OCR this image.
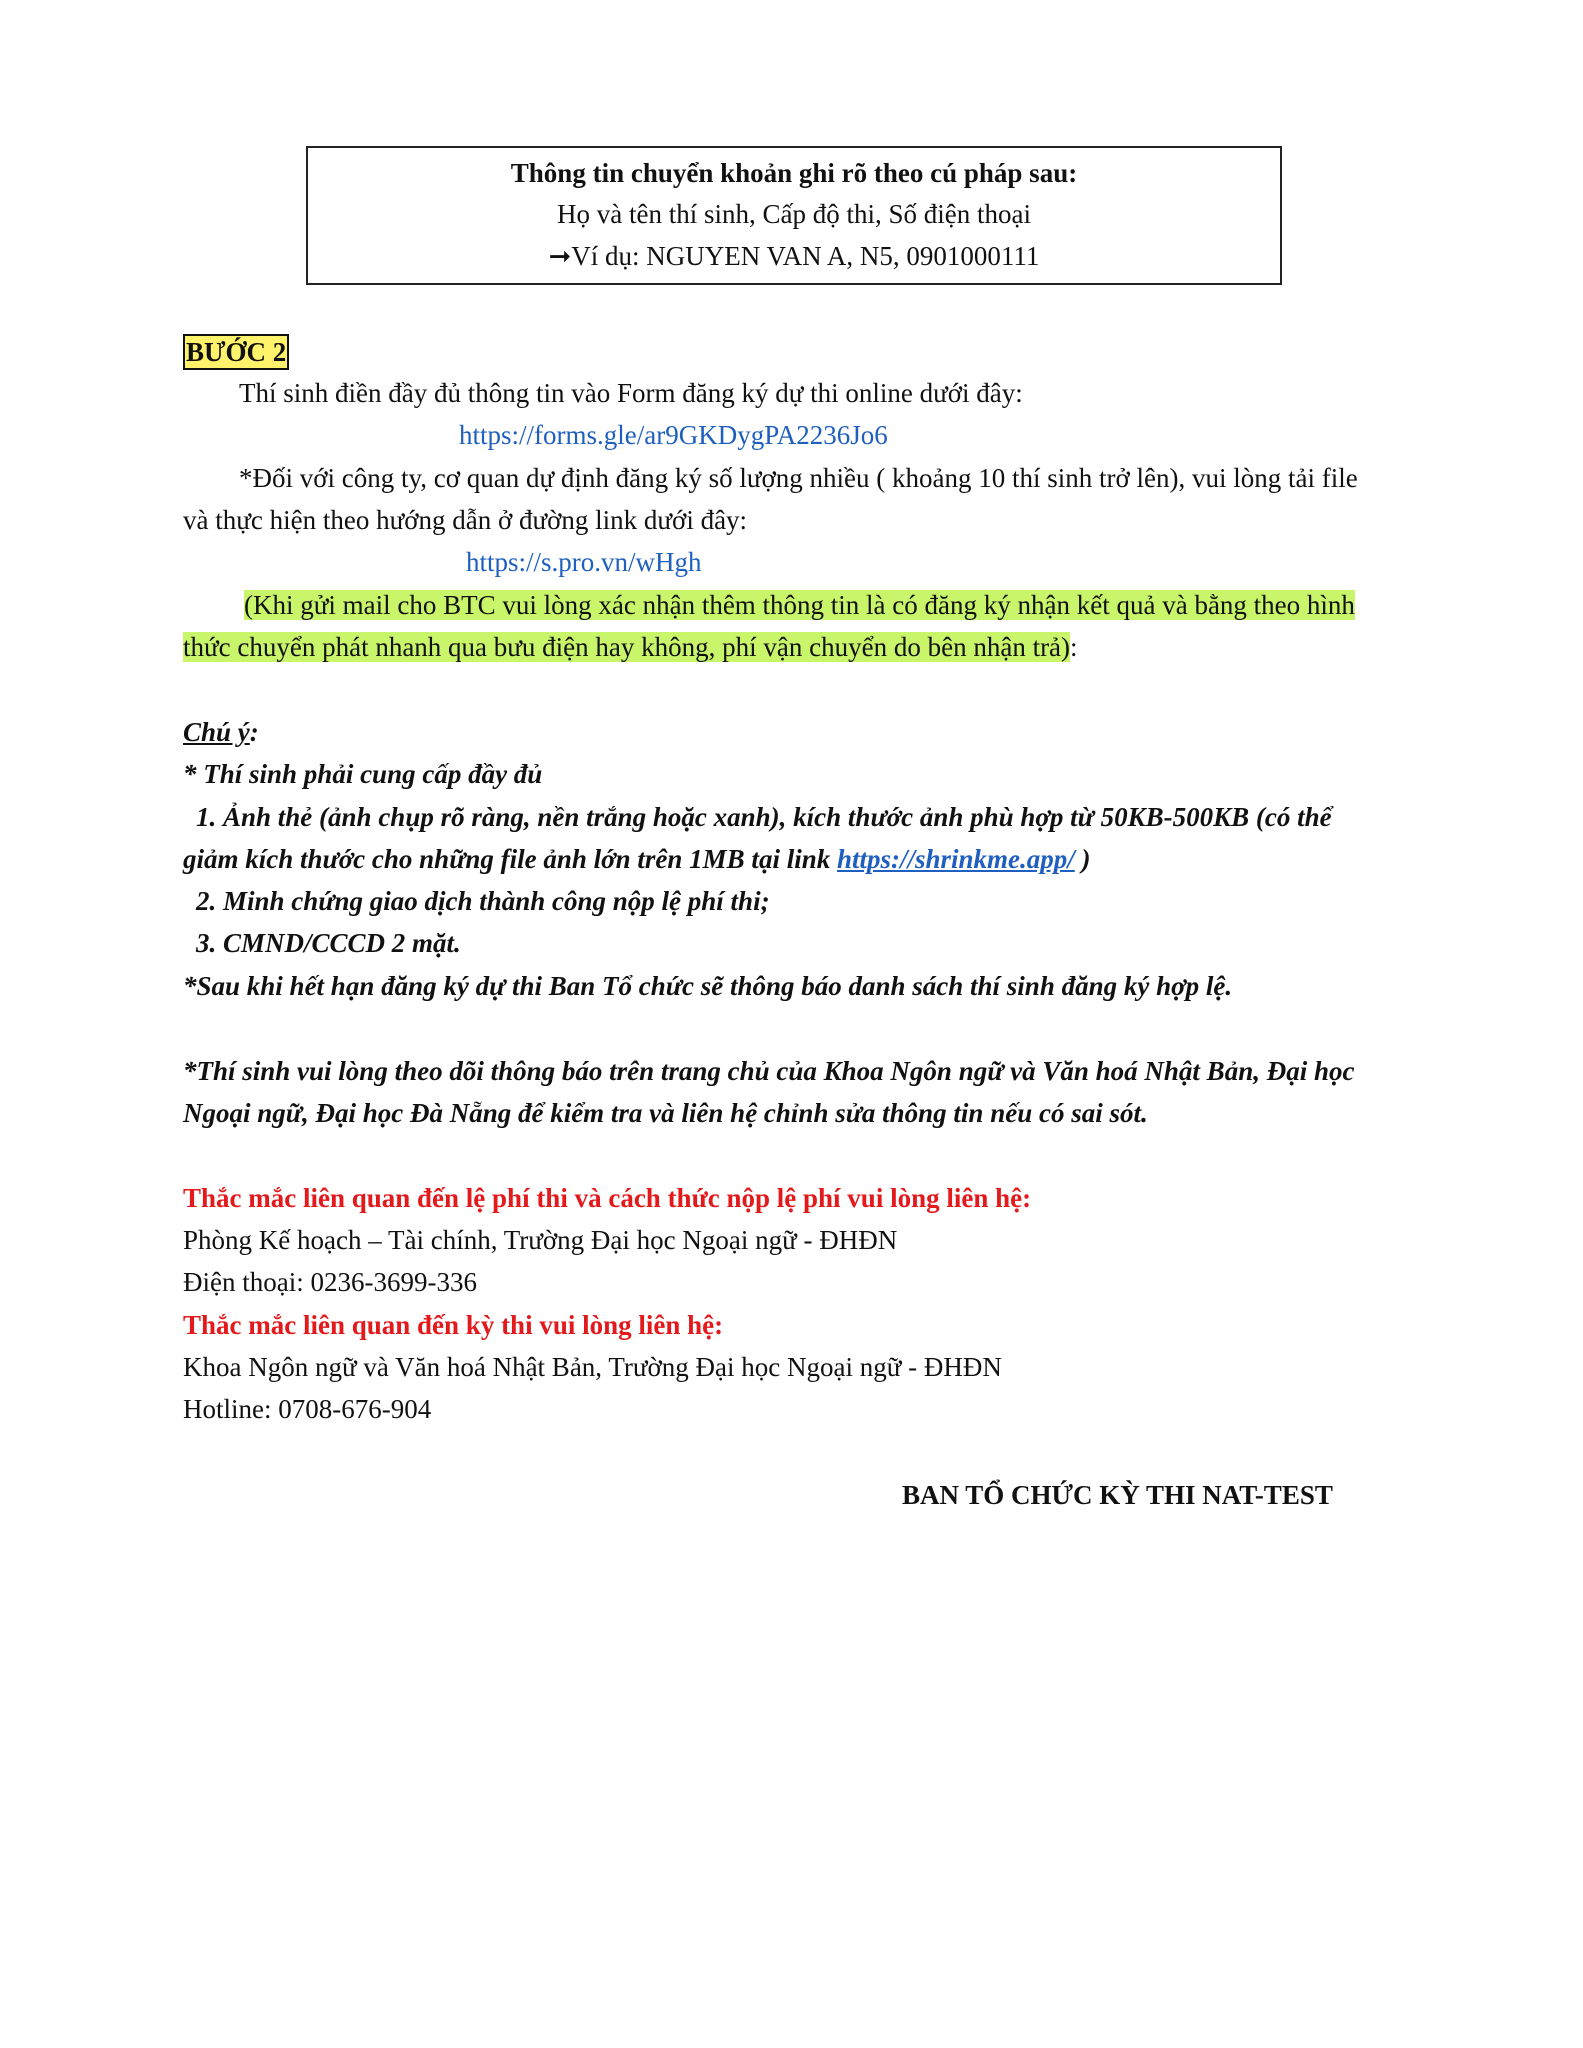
Thông tin chuyển khoản ghi rõ theo cú pháp sau:
Họ và tên thí sinh, Cấp độ thi, Số điện thoại
➞Ví dụ: NGUYEN VAN A, N5, 0901000111
BƯỚC 2
Thí sinh điền đầy đủ thông tin vào Form đăng ký dự thi online dưới đây:
https://forms.gle/ar9GKDygPA2236Jo6
*Đối với công ty, cơ quan dự định đăng ký số lượng nhiều ( khoảng 10 thí sinh trở lên), vui lòng tải file
và thực hiện theo hướng dẫn ở đường link dưới đây:
https://s.pro.vn/wHgh
(Khi gửi mail cho BTC vui lòng xác nhận thêm thông tin là có đăng ký nhận kết quả và bằng theo hình
thức chuyển phát nhanh qua bưu điện hay không, phí vận chuyển do bên nhận trả):
Chú ý:
* Thí sinh phải cung cấp đầy đủ
1. Ảnh thẻ (ảnh chụp rõ ràng, nền trắng hoặc xanh), kích thước ảnh phù hợp từ 50KB-500KB (có thể
giảm kích thước cho những file ảnh lớn trên 1MB tại link https://shrinkme.app/ )
2. Minh chứng giao dịch thành công nộp lệ phí thi;
3. CMND/CCCD 2 mặt.
*Sau khi hết hạn đăng ký dự thi Ban Tổ chức sẽ thông báo danh sách thí sinh đăng ký hợp lệ.
*Thí sinh vui lòng theo dõi thông báo trên trang chủ của Khoa Ngôn ngữ và Văn hoá Nhật Bản, Đại học
Ngoại ngữ, Đại học Đà Nẵng để kiểm tra và liên hệ chỉnh sửa thông tin nếu có sai sót.
Thắc mắc liên quan đến lệ phí thi và cách thức nộp lệ phí vui lòng liên hệ:
Phòng Kế hoạch – Tài chính, Trường Đại học Ngoại ngữ - ĐHĐN
Điện thoại: 0236-3699-336
Thắc mắc liên quan đến kỳ thi vui lòng liên hệ:
Khoa Ngôn ngữ và Văn hoá Nhật Bản, Trường Đại học Ngoại ngữ - ĐHĐN
Hotline: 0708-676-904
BAN TỔ CHỨC KỲ THI NAT-TEST
